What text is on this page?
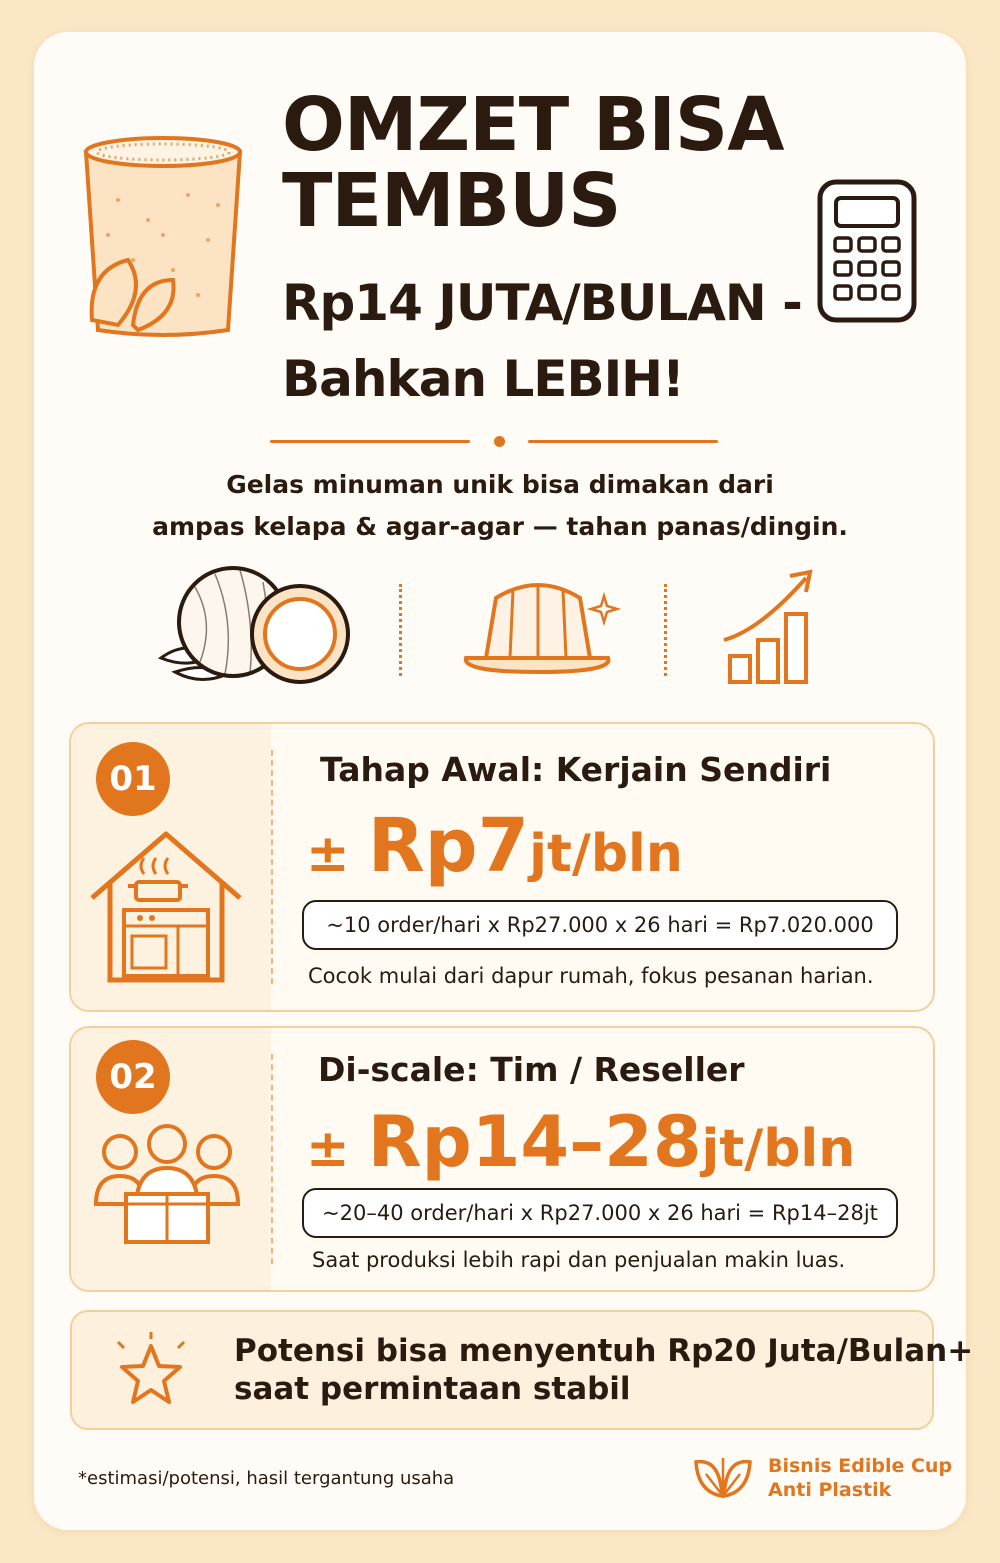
OMZET BISA
TEMBUS
Rp14 JUTA/BULAN -
Bahkan LEBIH!
Gelas minuman unik bisa dimakan dari
ampas kelapa & agar-agar — tahan panas/dingin.
01	Tahap Awal: Kerjain Sendiri
± Rp7jt/bln
~10 order/hari x Rp27.000 x 26 hari = Rp7.020.000
Cocok mulai dari dapur rumah, fokus pesanan harian.
02	Di-scale: Tim / Reseller
± Rp14–28jt/bln
~20–40 order/hari x Rp27.000 x 26 hari = Rp14–28jt
Saat produksi lebih rapi dan penjualan makin luas.
Potensi bisa menyentuh Rp20 Juta/Bulan+
saat permintaan stabil
*estimasi/potensi, hasil tergantung usaha
Bisnis Edible Cup
Anti Plastik
